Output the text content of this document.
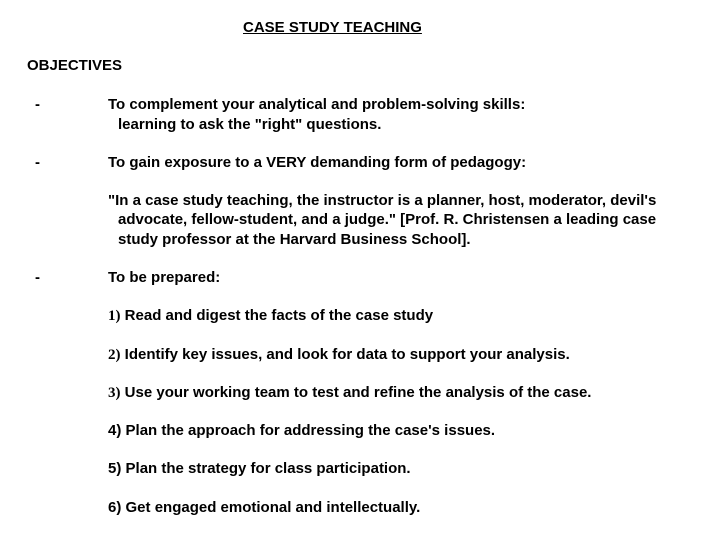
CASE STUDY TEACHING
OBJECTIVES
-	To complement your analytical and problem-solving skills:
learning to ask the "right" questions.
-	To gain exposure to a VERY demanding form of pedagogy:
"In a case study teaching, the instructor is a planner, host, moderator, devil's
advocate, fellow-student, and a judge." [Prof. R. Christensen a leading case
study professor at the Harvard Business School].
-	To be prepared:
1) Read and digest the facts of the case study
2) Identify key issues, and look for data to support your analysis.
3) Use your working team to test and refine the analysis of the case.
4) Plan the approach for addressing the case's issues.
5) Plan the strategy for class participation.
6) Get engaged emotional and intellectually.
